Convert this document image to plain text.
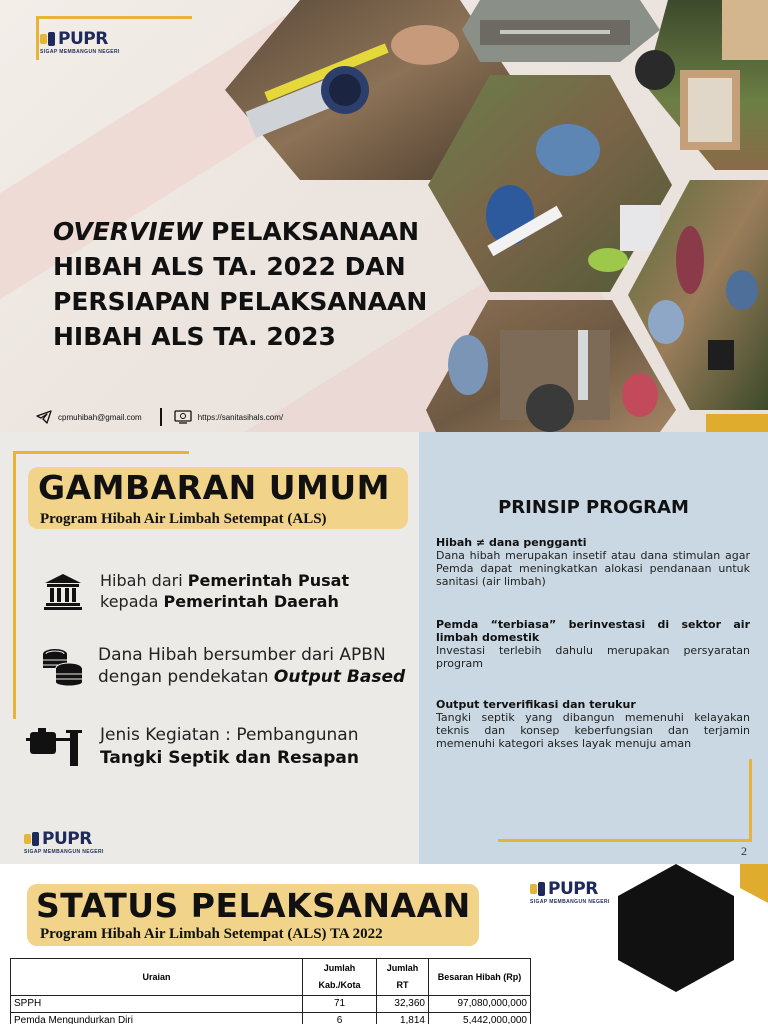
PUPR
SIGAP MEMBANGUN NEGERI
OVERVIEW PELAKSANAAN
HIBAH ALS TA. 2022 DAN
PERSIAPAN PELAKSANAAN
HIBAH ALS TA. 2023
cpmuhibah@gmail.com	https://sanitasihals.com/
GAMBARAN UMUM
Program Hibah Air Limbah Setempat (ALS)
Hibah dari Pemerintah Pusat
kepada Pemerintah Daerah
Dana Hibah bersumber dari APBN
dengan pendekatan Output Based
Jenis Kegiatan : Pembangunan
Tangki Septik dan Resapan
PUPR
SIGAP MEMBANGUN NEGERI
PRINSIP PROGRAM
Hibah ≠ dana pengganti
Dana hibah merupakan insetif atau dana stimulan agar Pemda dapat meningkatkan alokasi pendanaan untuk sanitasi (air limbah)
Pemda “terbiasa” berinvestasi di sektor air limbah domestik
Investasi terlebih dahulu merupakan persyaratan program
Output terverifikasi dan terukur
Tangki septik yang dibangun memenuhi kelayakan teknis dan konsep keberfungsian dan terjamin memenuhi kategori akses layak menuju aman
2
STATUS PELAKSANAAN
Program Hibah Air Limbah Setempat (ALS) TA 2022
PUPR
SIGAP MEMBANGUN NEGERI
Uraian	Jumlah Kab./Kota	Jumlah RT	Besaran Hibah (Rp)
SPPH	71	32,360	97,080,000,000
Pemda Mengundurkan Diri	6	1,814	5,442,000,000
